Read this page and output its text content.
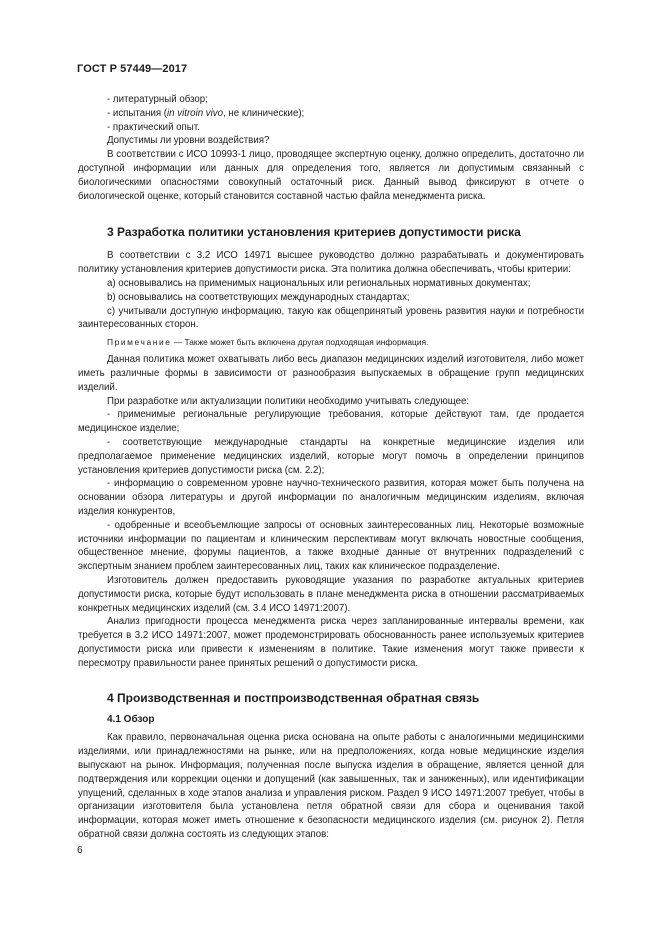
ГОСТ Р 57449—2017

- литературный обзор;

- испытания (in vitroin vivo, не клинические);

- практический опыт.

Допустимы ли уровни воздействия?

В соответствии с ИСО 10993-1 лицо, проводящее экспертную оценку, должно определить, достаточно ли доступной информации или данных для определения того, является ли допустимым связанный с биологическими опасностями совокупный остаточный риск. Данный вывод фиксируют в отчете о биологической оценке, который становится составной частью файла менеджмента риска.

3 Разработка политики установления критериев допустимости риска

В соответствии с 3.2 ИСО 14971 высшее руководство должно разрабатывать и документировать политику установления критериев допустимости риска. Эта политика должна обеспечивать, чтобы критерии:

a) основывались на применимых национальных или региональных нормативных документах;

b) основывались на соответствующих международных стандартах;

c) учитывали доступную информацию, такую как общепринятый уровень развития науки и потребности заинтересованных сторон.

Примечание — Также может быть включена другая подходящая информация.

Данная политика может охватывать либо весь диапазон медицинских изделий изготовителя, либо может иметь различные формы в зависимости от разнообразия выпускаемых в обращение групп медицинских изделий.

При разработке или актуализации политики необходимо учитывать следующее:

- применимые региональные регулирующие требования, которые действуют там, где продается медицинское изделие;

- соответствующие международные стандарты на конкретные медицинские изделия или предполагаемое применение медицинских изделий, которые могут помочь в определении принципов установления критериев допустимости риска (см. 2.2);

- информацию о современном уровне научно-технического развития, которая может быть получена на основании обзора литературы и другой информации по аналогичным медицинским изделиям, включая изделия конкурентов,

- одобренные и всеобъемлющие запросы от основных заинтересованных лиц. Некоторые возможные источники информации по пациентам и клиническим перспективам могут включать новостные сообщения, общественное мнение, форумы пациентов, а также входные данные от внутренних подразделений с экспертным знанием проблем заинтересованных лиц, таких как клиническое подразделение.

Изготовитель должен предоставить руководящие указания по разработке актуальных критериев допустимости риска, которые будут использовать в плане менеджмента риска в отношении рассматриваемых конкретных медицинских изделий (см. 3.4 ИСО 14971:2007).

Анализ пригодности процесса менеджмента риска через запланированные интервалы времени, как требуется в 3.2 ИСО 14971:2007, может продемонстрировать обоснованность ранее используемых критериев допустимости риска или привести к изменениям в политике. Такие изменения могут также привести к пересмотру правильности ранее принятых решений о допустимости риска.

4 Производственная и постпроизводственная обратная связь
4.1 Обзор

Как правило, первоначальная оценка риска основана на опыте работы с аналогичными медицинскими изделиями, или принадлежностями на рынке, или на предположениях, когда новые медицинские изделия выпускают на рынок. Информация, полученная после выпуска изделия в обращение, является ценной для подтверждения или коррекции оценки и допущений (как завышенных, так и заниженных), или идентификации упущений, сделанных в ходе этапов анализа и управления риском. Раздел 9 ИСО 14971:2007 требует, чтобы в организации изготовителя была установлена петля обратной связи для сбора и оценивания такой информации, которая может иметь отношение к безопасности медицинского изделия (см. рисунок 2). Петля обратной связи должна состоять из следующих этапов:

6
